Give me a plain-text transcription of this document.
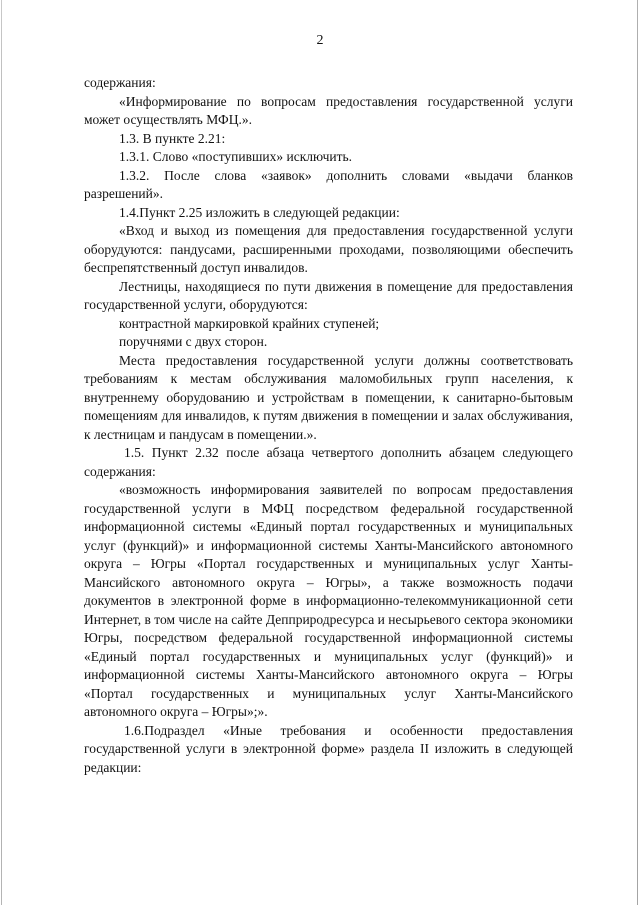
2

содержания:

«Информирование по вопросам предоставления государственной услуги может осуществлять МФЦ.».

1.3. В пункте 2.21:

1.3.1. Слово «поступивших» исключить.

1.3.2. После слова «заявок» дополнить словами «выдачи бланков разрешений».

1.4.Пункт 2.25 изложить в следующей редакции:

«Вход и выход из помещения для предоставления государственной услуги оборудуются: пандусами, расширенными проходами, позволяющими обеспечить беспрепятственный доступ инвалидов.

Лестницы, находящиеся по пути движения в помещение для предоставления государственной услуги, оборудуются:

контрастной маркировкой крайних ступеней;

поручнями с двух сторон.

Места предоставления государственной услуги должны соответствовать требованиям к местам обслуживания маломобильных групп населения, к внутреннему оборудованию и устройствам в помещении, к санитарно-бытовым помещениям для инвалидов, к путям движения в помещении и залах обслуживания, к лестницам и пандусам в помещении.».

1.5. Пункт 2.32 после абзаца четвертого дополнить абзацем следующего содержания:

«возможность информирования заявителей по вопросам предоставления государственной услуги в МФЦ посредством федеральной государственной информационной системы «Единый портал государственных и муниципальных услуг (функций)» и информационной системы Ханты-Мансийского автономного округа – Югры «Портал государственных и муниципальных услуг Ханты-Мансийского автономного округа – Югры», а также возможность подачи документов в электронной форме в информационно-телекоммуникационной сети Интернет, в том числе на сайте Депприродресурса и несырьевого сектора экономики Югры, посредством федеральной государственной информационной системы «Единый портал государственных и муниципальных услуг (функций)» и информационной системы Ханты-Мансийского автономного округа – Югры «Портал государственных и муниципальных услуг Ханты-Мансийского автономного округа – Югры»;».

1.6.Подраздел «Иные требования и особенности предоставления государственной услуги в электронной форме» раздела II изложить в следующей редакции:
